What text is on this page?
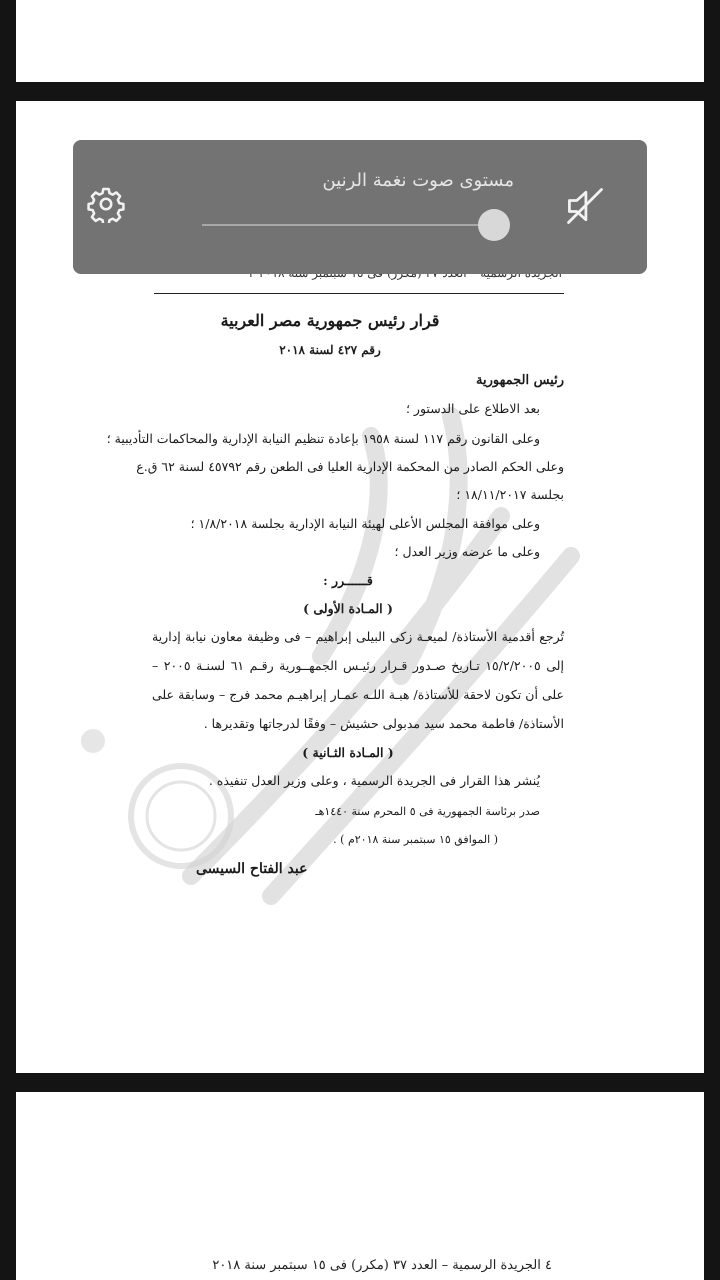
قرار رئيس جمهورية مصر العربية
رقم ٤٢٧ لسنة ٢٠١٨
رئيس الجمهورية
بعد الاطلاع على الدستور ؛
وعلى القانون رقم ١١٧ لسنة ١٩٥٨ بإعادة تنظيم النيابة الإدارية والمحاكمات التأديبية ؛
وعلى الحكم الصادر من المحكمة الإدارية العليا فى الطعن رقم ٤٥٧٩٢ لسنة ٦٢ ق.ع
بجلسة ١٨/١١/٢٠١٧ ؛
وعلى موافقة المجلس الأعلى لهيئة النيابة الإدارية بجلسة ١/٨/٢٠١٨ ؛
وعلى ما عرضه وزير العدل ؛
قــــــرر :
( المـادة الأولى )
تُرجع أقدمية الأستاذة/ لميعـة زكى البيلى إبراهيم – فى وظيفة معاون نيابة إدارية
إلى ١٥/٢/٢٠٠٥ تـاريخ صـدور قـرار رئيـس الجمهــورية رقـم ٦١ لسنـة ٢٠٠٥ –
على أن تكون لاحقة للأستاذة/ هبـة اللـه عمـار إبراهيـم محمد فرج – وسابقة على
الأستاذة/ فاطمة محمد سيد مدبولى حشيش – وفقًا لدرجاتها وتقديرها .
( المـادة الثـانية )
يُنشر هذا القرار فى الجريدة الرسمية ، وعلى وزير العدل تنفيذه .
صدر برئاسة الجمهورية فى ٥ المحرم سنة ١٤٤٠هـ
( الموافق ١٥ سبتمبر سنة ٢٠١٨م ) .
عبد الفتاح السيسى
٤ الجريدة الرسمية – العدد ٣٧ (مكرر) فى ١٥ سبتمبر سنة ٢٠١٨
مستوى صوت نغمة الرنين
